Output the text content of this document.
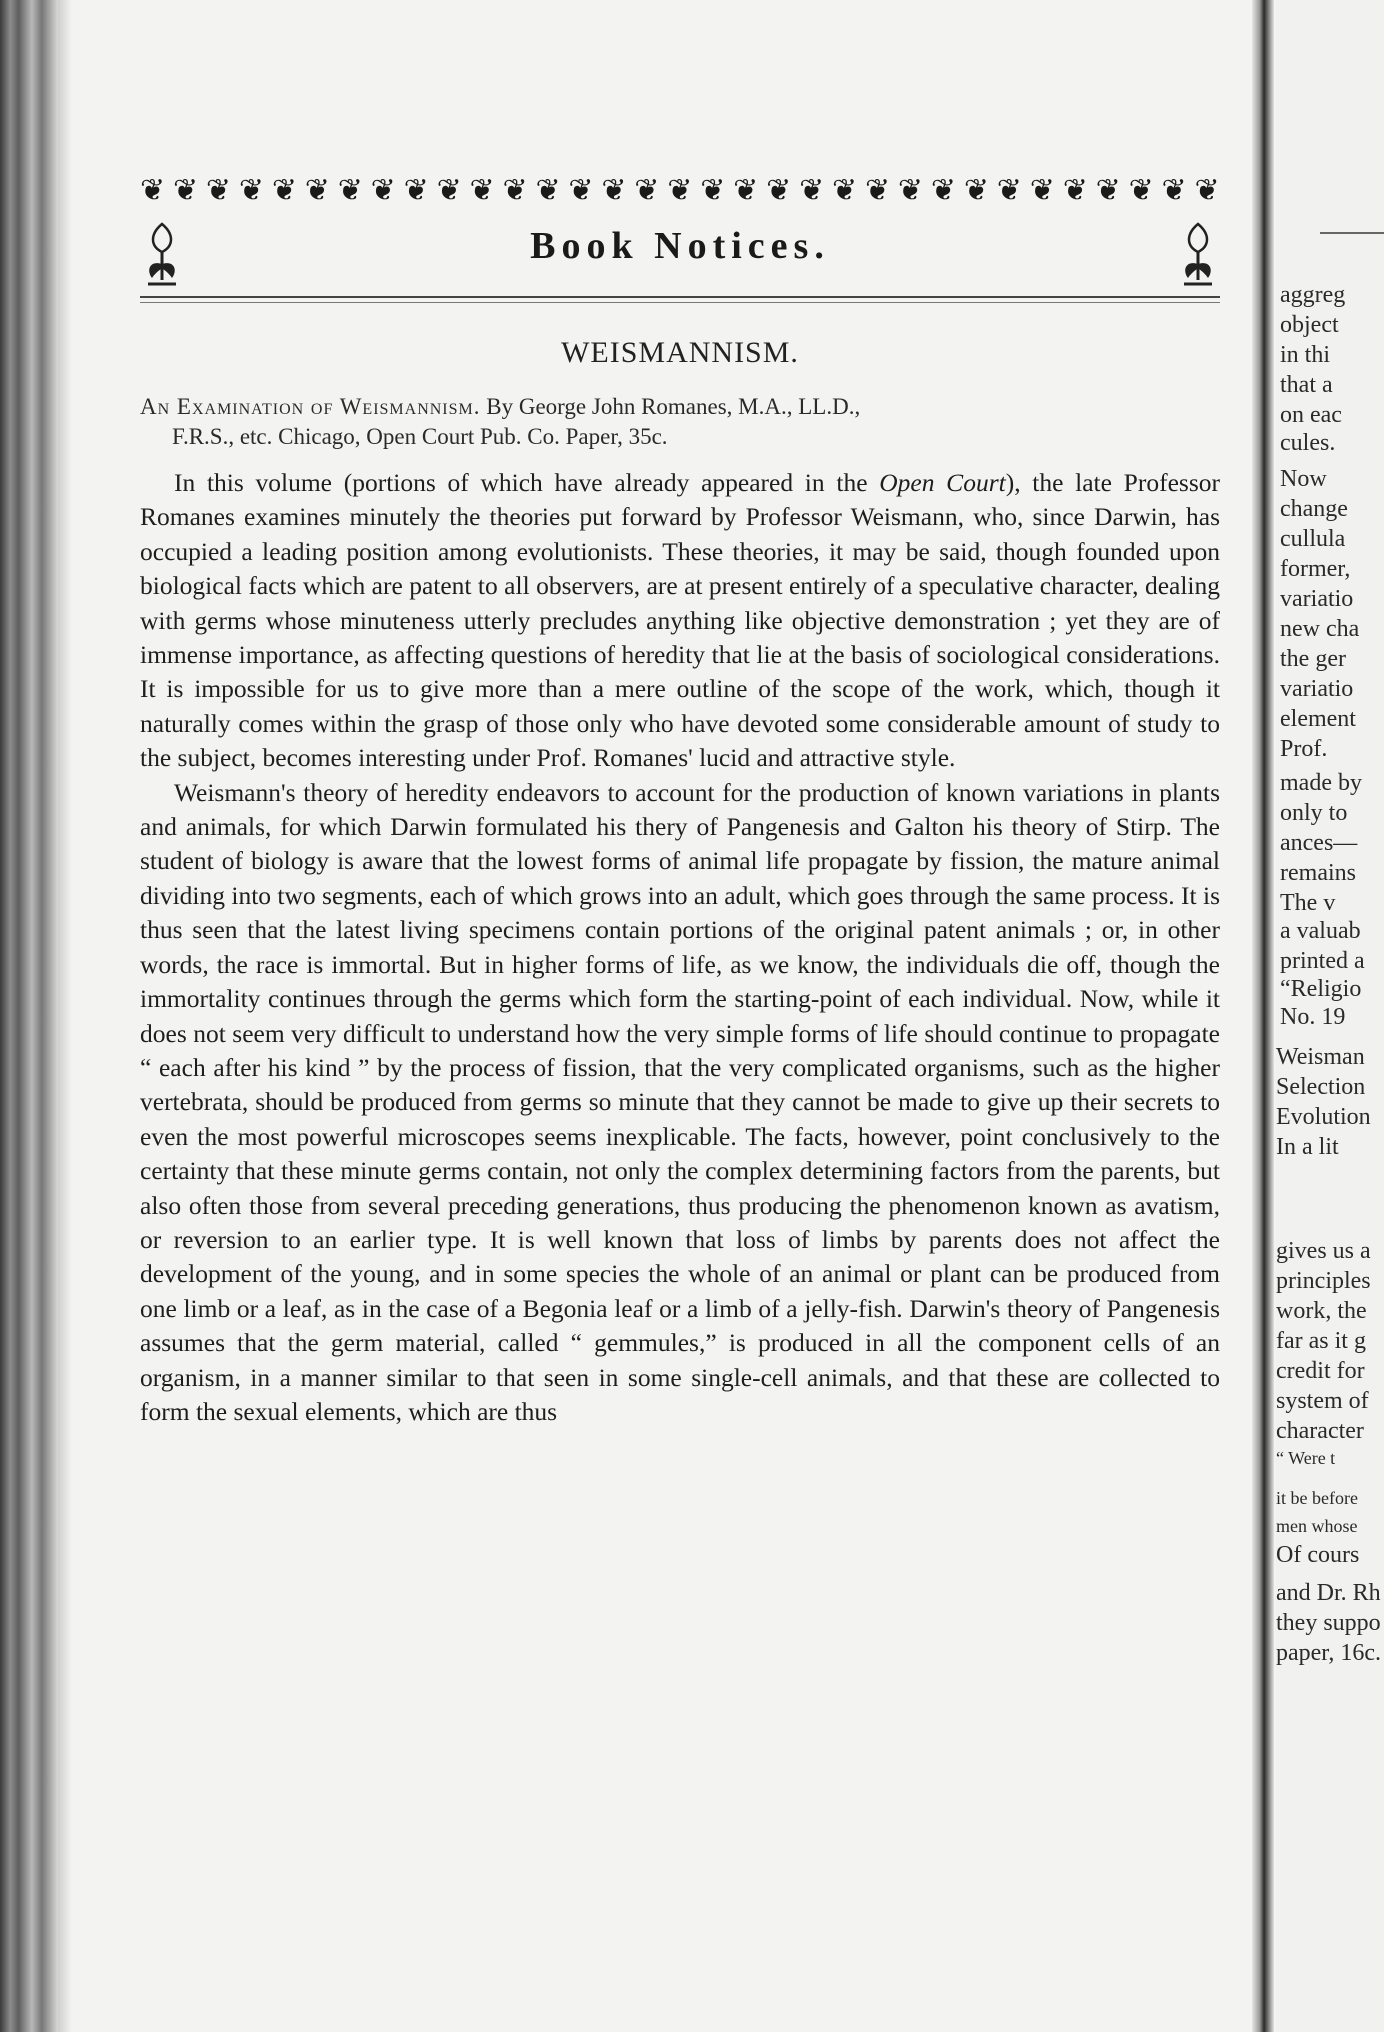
❦ ❦ ❦ ❦ ❦ ❦ ❦ ❦ ❦ ❦ ❦ ❦ ❦ ❦ ❦ ❦ ❦ ❦ ❦ ❦ ❦ ❦ ❦ ❦ ❦ ❦ ❦ ❦ ❦ ❦ ❦ ❦ ❦
Book Notices.
WEISMANNISM.
An Examination of Weismannism. By George John Romanes, M.A., LL.D.,
F.R.S., etc. Chicago, Open Court Pub. Co. Paper, 35c.

In this volume (portions of which have already appeared in the Open Court), the late Professor Romanes examines minutely the theories put forward by Professor Weismann, who, since Darwin, has occupied a leading position among evolutionists. These theories, it may be said, though founded upon biological facts which are patent to all observers, are at present entirely of a speculative character, dealing with germs whose minuteness utterly precludes anything like objective demonstration ; yet they are of immense importance, as affecting questions of heredity that lie at the basis of sociological considerations. It is impossible for us to give more than a mere outline of the scope of the work, which, though it naturally comes within the grasp of those only who have devoted some considerable amount of study to the subject, becomes interesting under Prof. Romanes' lucid and attractive style.

Weismann's theory of heredity endeavors to account for the production of known variations in plants and animals, for which Darwin formulated his thery of Pangenesis and Galton his theory of Stirp. The student of biology is aware that the lowest forms of animal life propagate by fission, the mature animal dividing into two segments, each of which grows into an adult, which goes through the same process. It is thus seen that the latest living specimens contain portions of the original patent animals ; or, in other words, the race is immortal. But in higher forms of life, as we know, the individuals die off, though the immortality continues through the germs which form the starting-point of each individual. Now, while it does not seem very difficult to understand how the very simple forms of life should continue to propagate “ each after his kind ” by the process of fission, that the very complicated organisms, such as the higher vertebrata, should be produced from germs so minute that they cannot be made to give up their secrets to even the most powerful microscopes seems inexplicable. The facts, however, point conclusively to the certainty that these minute germs contain, not only the complex determining factors from the parents, but also often those from several preceding generations, thus producing the phenomenon known as avatism, or reversion to an earlier type. It is well known that loss of limbs by parents does not affect the development of the young, and in some species the whole of an animal or plant can be produced from one limb or a leaf, as in the case of a Begonia leaf or a limb of a jelly-fish. Darwin's theory of Pangenesis assumes that the germ material, called “ gemmules,” is produced in all the component cells of an organism, in a manner similar to that seen in some single-cell animals, and that these are collected to form the sexual elements, which are thus

aggreg
object
in thi
that a
on eac
cules.
Now
change
cullula
former,
variatio
new cha
the ger
variatio
element
Prof.
made by
only to
ances—
remains
The v
a valuab
printed a
“Religio
No. 19
Weisman
Selection
Evolution
In a lit
gives us a
principles
work, the
far as it g
credit for
system of
character
“ Were t
it be before
men whose
Of cours
and Dr. Rh
they suppo
paper, 16c.
